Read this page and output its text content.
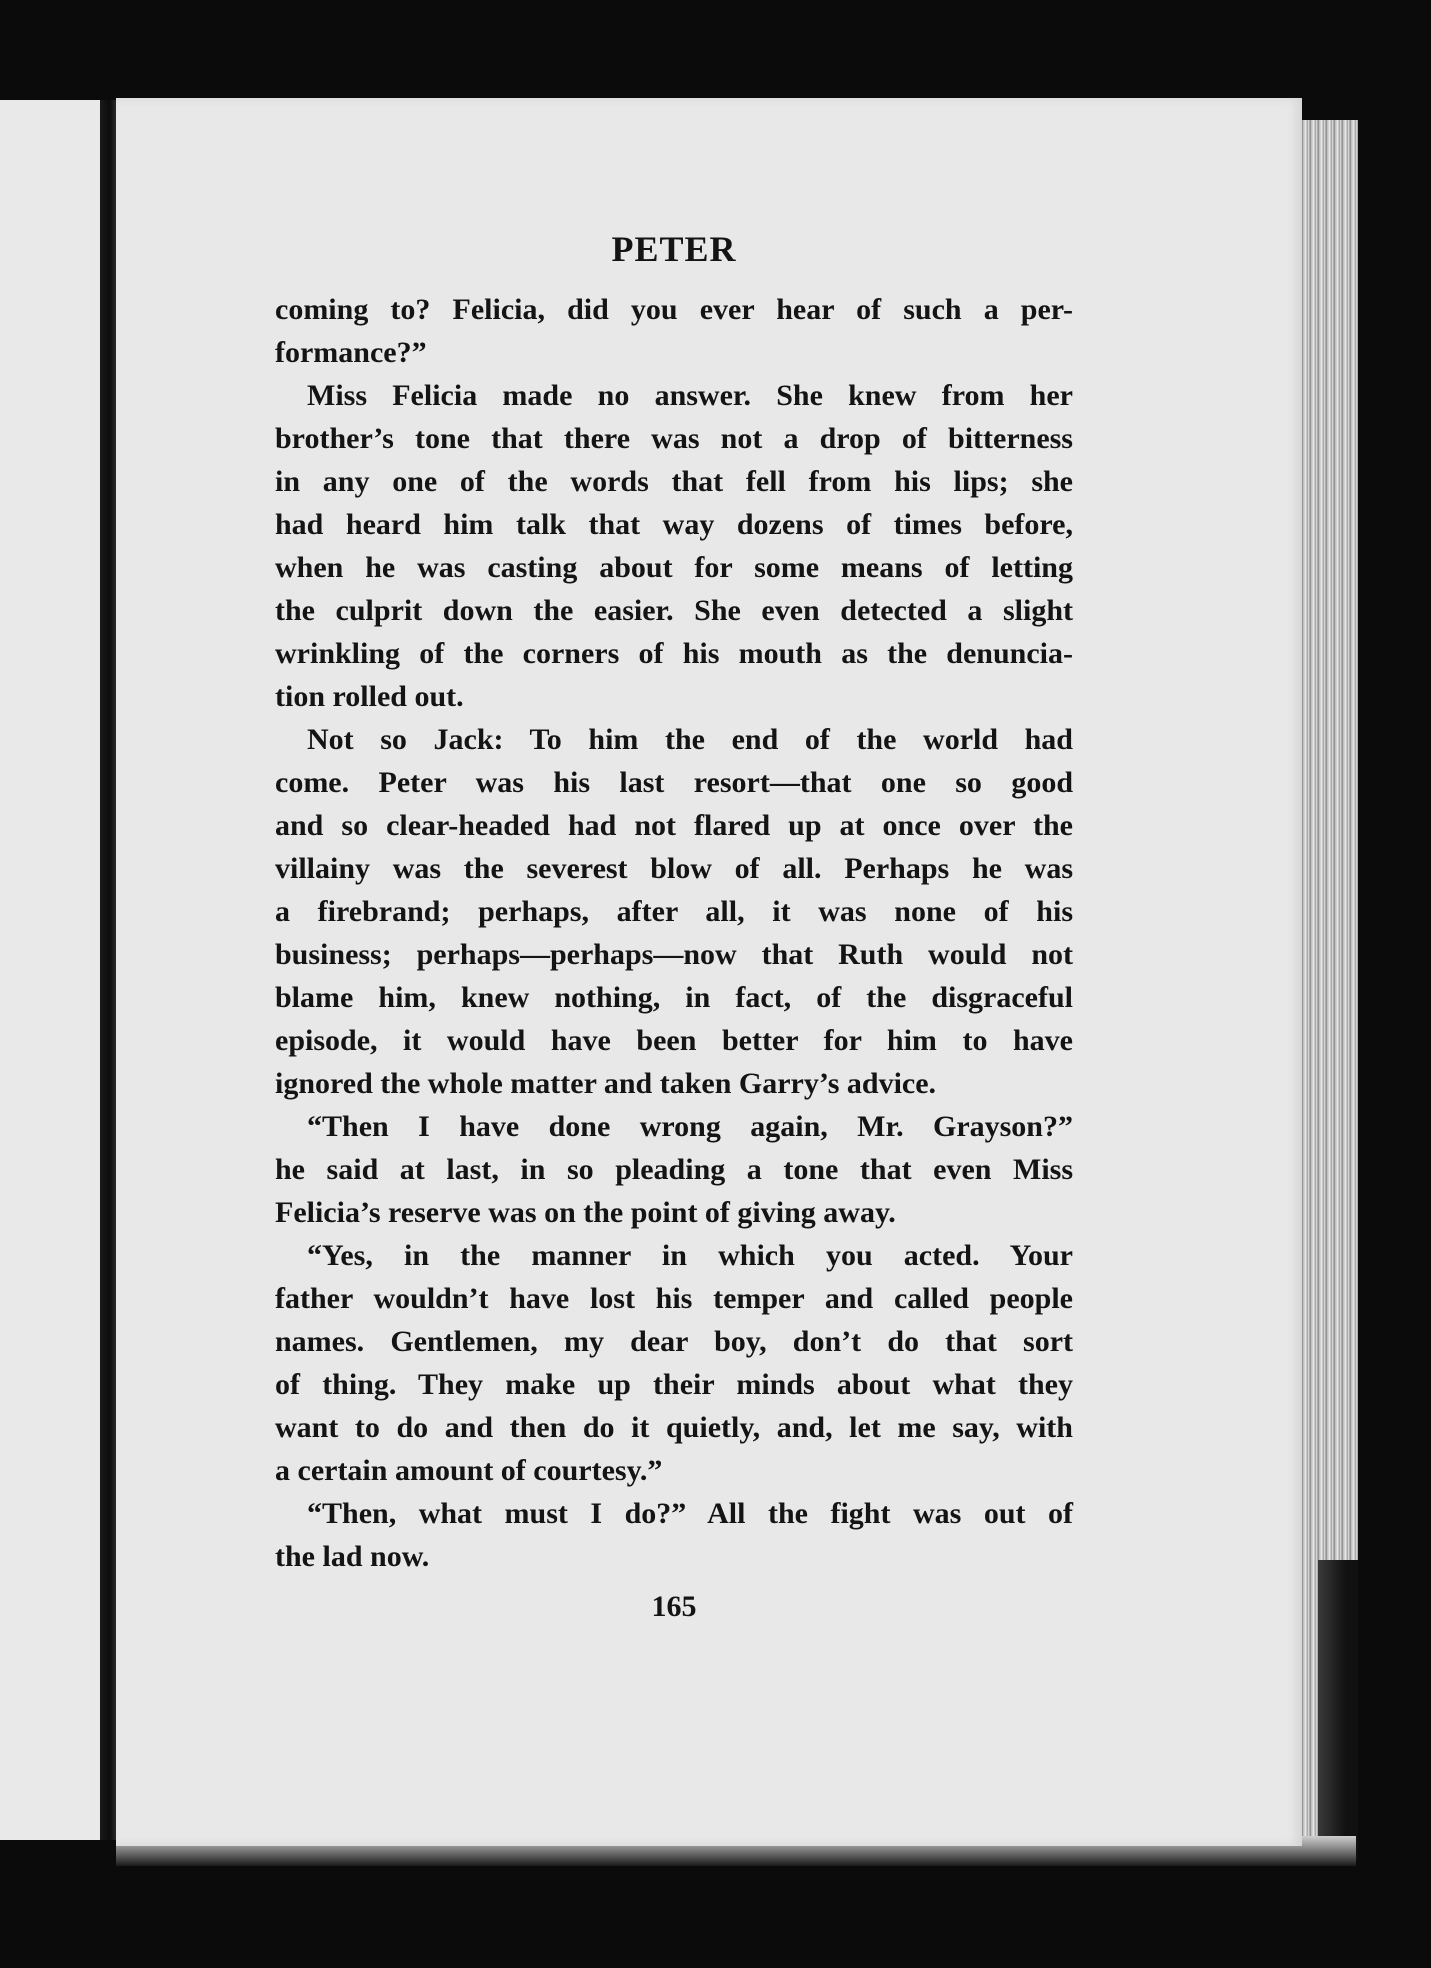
PETER
coming to? Felicia, did you ever hear of such a per-
formance?”
Miss Felicia made no answer. She knew from her
brother’s tone that there was not a drop of bitterness
in any one of the words that fell from his lips; she
had heard him talk that way dozens of times before,
when he was casting about for some means of letting
the culprit down the easier. She even detected a slight
wrinkling of the corners of his mouth as the denuncia-
tion rolled out.
Not so Jack: To him the end of the world had
come. Peter was his last resort—that one so good
and so clear-headed had not flared up at once over the
villainy was the severest blow of all. Perhaps he was
a firebrand; perhaps, after all, it was none of his
business; perhaps—perhaps—now that Ruth would not
blame him, knew nothing, in fact, of the disgraceful
episode, it would have been better for him to have
ignored the whole matter and taken Garry’s advice.
“Then I have done wrong again, Mr. Grayson?”
he said at last, in so pleading a tone that even Miss
Felicia’s reserve was on the point of giving away.
“Yes, in the manner in which you acted. Your
father wouldn’t have lost his temper and called people
names. Gentlemen, my dear boy, don’t do that sort
of thing. They make up their minds about what they
want to do and then do it quietly, and, let me say, with
a certain amount of courtesy.”
“Then, what must I do?” All the fight was out of
the lad now.
165
